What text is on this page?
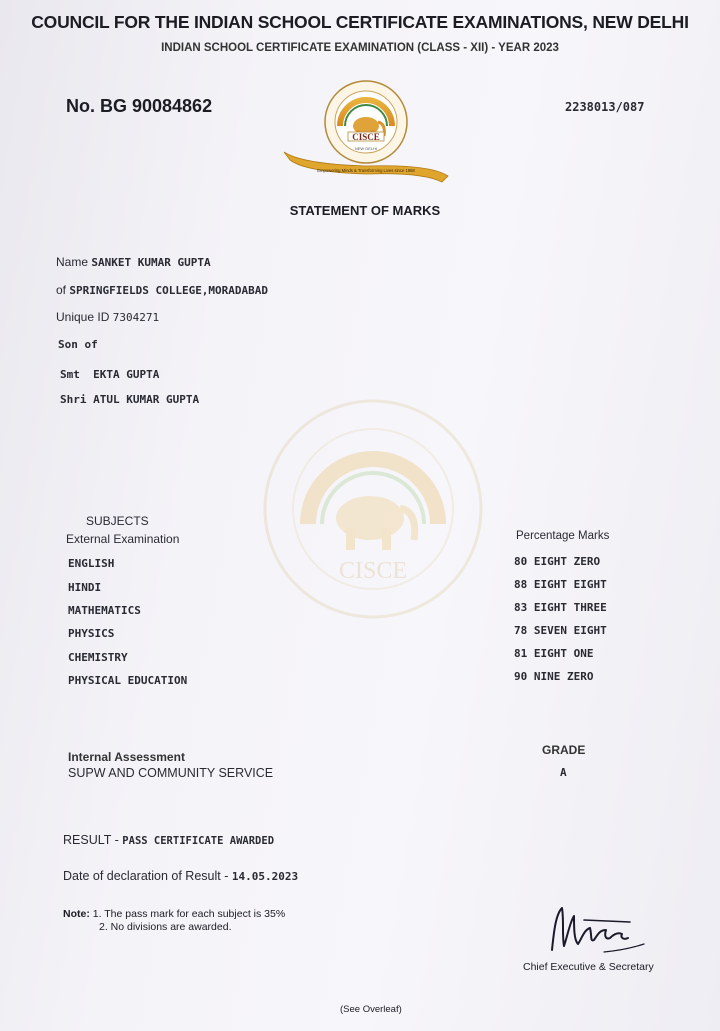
COUNCIL FOR THE INDIAN SCHOOL CERTIFICATE EXAMINATIONS, NEW DELHI
INDIAN SCHOOL CERTIFICATE EXAMINATION (CLASS - XII) - YEAR 2023
No. BG 90084862	2238013/087
CISCE
NEW DELHI
Empowering Minds & Transforming Lives since 1958
STATEMENT OF MARKS
CISCE
Name SANKET KUMAR GUPTA
of SPRINGFIELDS COLLEGE,MORADABAD
Unique ID 7304271
Son of
Smt EKTA GUPTA
Shri ATUL KUMAR GUPTA
SUBJECTS
External Examination	Percentage Marks
ENGLISH	80 EIGHT ZERO
HINDI	88 EIGHT EIGHT
MATHEMATICS	83 EIGHT THREE
PHYSICS	78 SEVEN EIGHT
CHEMISTRY	81 EIGHT ONE
PHYSICAL EDUCATION	90 NINE ZERO
Internal Assessment
SUPW AND COMMUNITY SERVICE
GRADE
A
RESULT - PASS CERTIFICATE AWARDED
Date of declaration of Result - 14.05.2023
Note: 1. The pass mark for each subject is 35%
2. No divisions are awarded.
Chief Executive & Secretary
(See Overleaf)
